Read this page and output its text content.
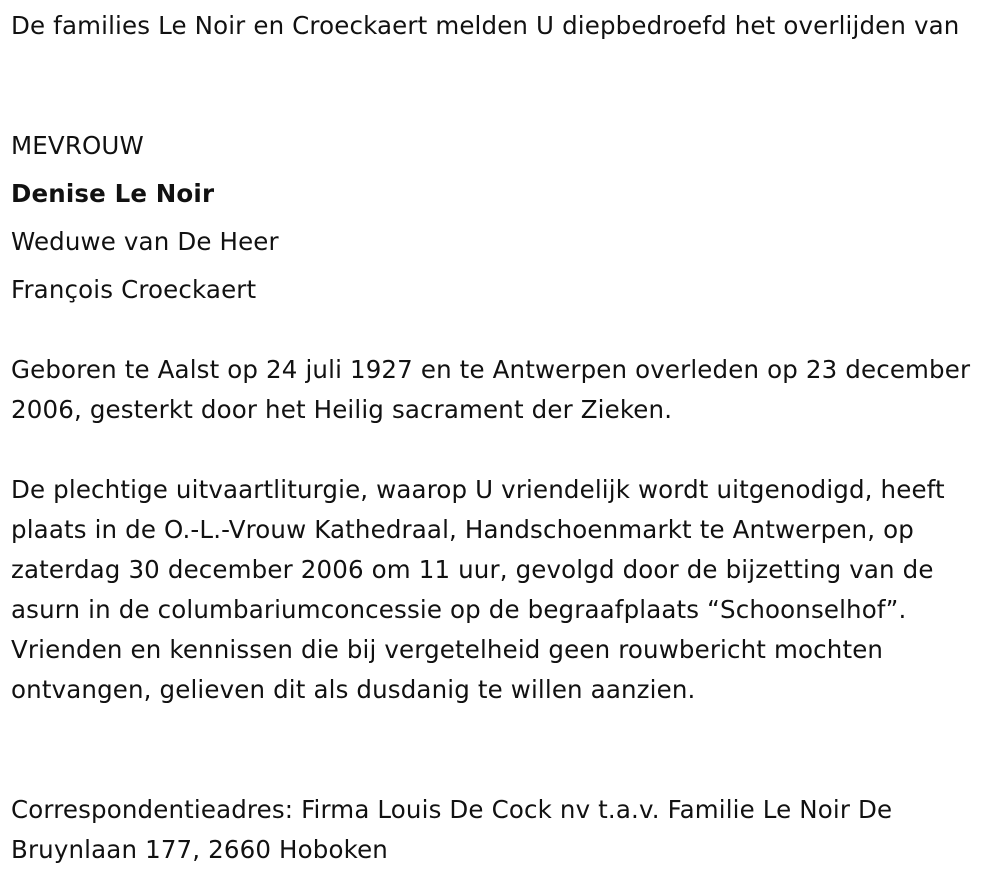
De families Le Noir en Croeckaert melden U diepbedroefd het overlijden van

MEVROUW

Denise Le Noir

Weduwe van De Heer

François Croeckaert

Geboren te Aalst op 24 juli 1927 en te Antwerpen overleden op 23 december 2006, gesterkt door het Heilig sacrament der Zieken.

De plechtige uitvaartliturgie, waarop U vriendelijk wordt uitgenodigd, heeft plaats in de O.-L.-Vrouw Kathedraal, Handschoenmarkt te Antwerpen, op zaterdag 30 december 2006 om 11 uur, gevolgd door de bijzetting van de asurn in de columbariumconcessie op de begraafplaats “Schoonselhof”. Vrienden en kennissen die bij vergetelheid geen rouwbericht mochten ontvangen, gelieven dit als dusdanig te willen aanzien.

Correspondentieadres: Firma Louis De Cock nv t.a.v. Familie Le Noir De Bruynlaan 177, 2660 Hoboken
